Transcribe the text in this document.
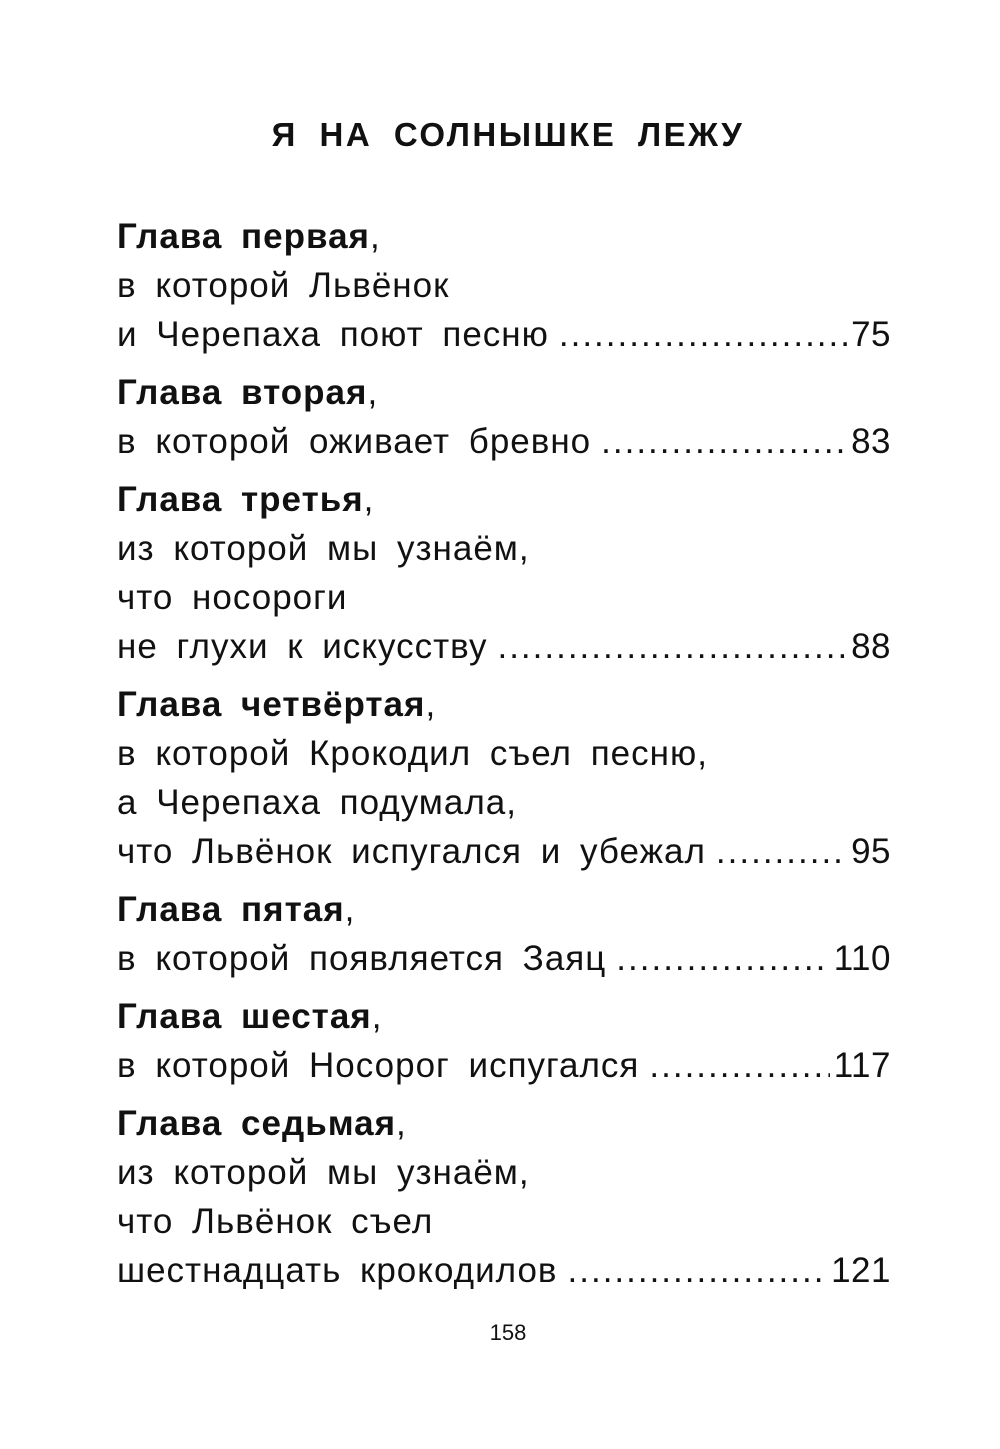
Я НА СОЛНЫШКЕ ЛЕЖУ
Глава первая,
в которой Львёнок
и Черепаха поют песню .....	75
Глава вторая,
в которой оживает бревно .....	83
Глава третья,
из которой мы узнаём,
что носороги
не глухи к искусству .....	88
Глава четвёртая,
в которой Крокодил съел песню,
а Черепаха подумала,
что Львёнок испугался и убежал .....	95
Глава пятая,
в которой появляется Заяц .....	110
Глава шестая,
в которой Носорог испугался .....	117
Глава седьмая,
из которой мы узнаём,
что Львёнок съел
шестнадцать крокодилов .....	121
158
